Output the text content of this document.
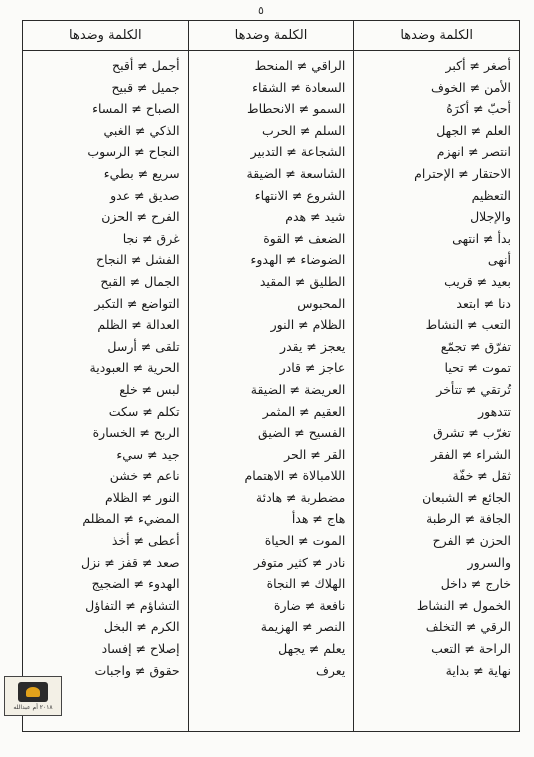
٥
الكلمة وضدها
أصغر ≠ أكبر
الأمن ≠ الخوف
أحبّ ≠ أكرَهُ
العلم ≠ الجهل
انتصر ≠ انهزم
الاحتقار ≠ الإحترام
التعظيم
والإجلال
بدأ ≠ انتهى
أنهى
بعيد ≠ قريب
دنا ≠ ابتعد
التعب ≠ النشاط
تفرّق ≠ تجمّع
تموت ≠ تحيا
تُرتقي ≠ تتأخر
تتدهور
تغرّب ≠ تشرق
الشراء ≠ الفقر
ثقل ≠ خفّة
الجائع ≠ الشبعان
الجافة ≠ الرطبة
الحزن ≠ الفرح
والسرور
خارج ≠ داخل
الخمول ≠ النشاط
الرقي ≠ التخلف
الراحة ≠ التعب
نهاية ≠ بداية
الكلمة وضدها
الراقي ≠ المنحط
السعادة ≠ الشقاء
السمو ≠ الانحطاط
السلم ≠ الحرب
الشجاعة ≠ التدبير
الشاسعة ≠ الضيقة
الشروع ≠ الانتهاء
شيد ≠ هدم
الضعف ≠ القوة
الضوضاء ≠ الهدوء
الطليق ≠ المقيد
المحبوس
الظلام ≠ النور
يعجز ≠ يقدر
عاجز ≠ قادر
العريضة ≠ الضيقة
العقيم ≠ المثمر
الفسيح ≠ الضيق
القر ≠ الحر
اللامبالاة ≠ الاهتمام
مضطربة ≠ هادئة
هاج ≠ هدأ
الموت ≠ الحياة
نادر ≠ كثير متوفر
الهلاك ≠ النجاة
نافعة ≠ ضارة
النصر ≠ الهزيمة
يعلم ≠ يجهل
يعرف
الكلمة وضدها
أجمل ≠ أقبح
جميل ≠ قبيح
الصباح ≠ المساء
الذكي ≠ الغبي
النجاح ≠ الرسوب
سريع ≠ بطيء
صديق ≠ عدو
الفرح ≠ الحزن
غرق ≠ نجا
الفشل ≠ النجاح
الجمال ≠ القبح
التواضع ≠ التكبر
العدالة ≠ الظلم
تلقى ≠ أرسل
الحرية ≠ العبودية
لبس ≠ خلع
تكلم ≠ سكت
الربح ≠ الخسارة
جيد ≠ سيء
ناعم ≠ خشن
النور ≠ الظلام
المضيء ≠ المظلم
أعطى ≠ أخذ
صعد ≠ قفز ≠ نزل
الهدوء ≠ الضجيج
التشاؤم ≠ التفاؤل
الكرم ≠ البخل
إصلاح ≠ إفساد
حقوق ≠ واجبات
٢٠١٨ أم عبدالله
